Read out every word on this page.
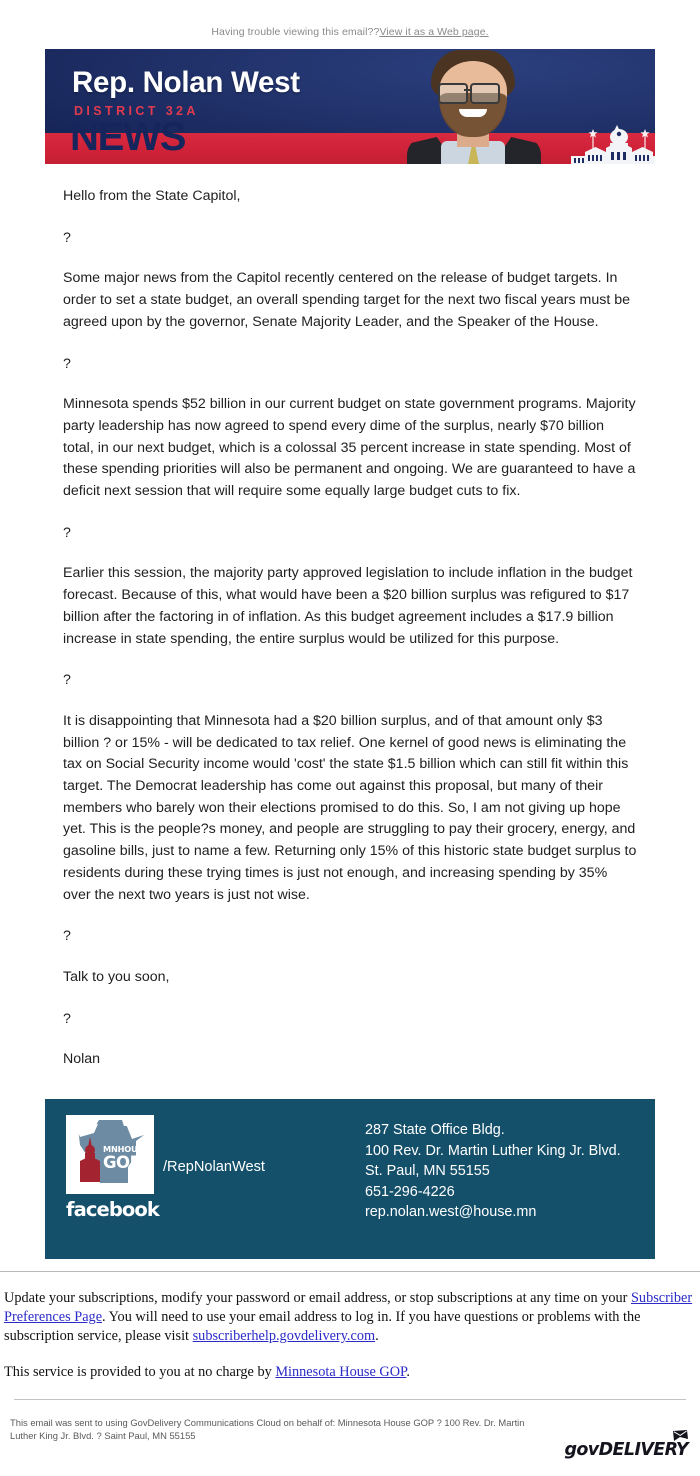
Having trouble viewing this email??View it as a Web page.
Rep. Nolan West
DISTRICT 32A
NEWS

Hello from the State Capitol,

?

Some major news from the Capitol recently centered on the release of budget targets. In order to set a state budget, an overall spending target for the next two fiscal years must be agreed upon by the governor, Senate Majority Leader, and the Speaker of the House.

?

Minnesota spends $52 billion in our current budget on state government programs. Majority party leadership has now agreed to spend every dime of the surplus, nearly $70 billion total, in our next budget, which is a colossal 35 percent increase in state spending. Most of these spending priorities will also be permanent and ongoing. We are guaranteed to have a deficit next session that will require some equally large budget cuts to fix.

?

Earlier this session, the majority party approved legislation to include inflation in the budget forecast. Because of this, what would have been a $20 billion surplus was refigured to $17 billion after the factoring in of inflation. As this budget agreement includes a $17.9 billion increase in state spending, the entire surplus would be utilized for this purpose.

?

It is disappointing that Minnesota had a $20 billion surplus, and of that amount only $3 billion ? or 15% - will be dedicated to tax relief. One kernel of good news is eliminating the tax on Social Security income would 'cost' the state $1.5 billion which can still fit within this target. The Democrat leadership has come out against this proposal, but many of their members who barely won their elections promised to do this. So, I am not giving up hope yet. This is the people?s money, and people are struggling to pay their grocery, energy, and gasoline bills, just to name a few. Returning only 15% of this historic state budget surplus to residents during these trying times is just not enough, and increasing spending by 35% over the next two years is just not wise.

?

Talk to you soon,

?

Nolan

MNHOUSE
GOP
facebook
/RepNolanWest
287 State Office Bldg.
100 Rev. Dr. Martin Luther King Jr. Blvd.
St. Paul, MN 55155
651-296-4226
rep.nolan.west@house.mn

Update your subscriptions, modify your password or email address, or stop subscriptions at any time on your Subscriber Preferences Page. You will need to use your email address to log in. If you have questions or problems with the subscription service, please visit subscriberhelp.govdelivery.com.

This service is provided to you at no charge by Minnesota House GOP.

This email was sent to using GovDelivery Communications Cloud on behalf of: Minnesota House GOP ? 100 Rev. Dr. Martin Luther King Jr. Blvd. ? Saint Paul, MN 55155
govDELIVERY
